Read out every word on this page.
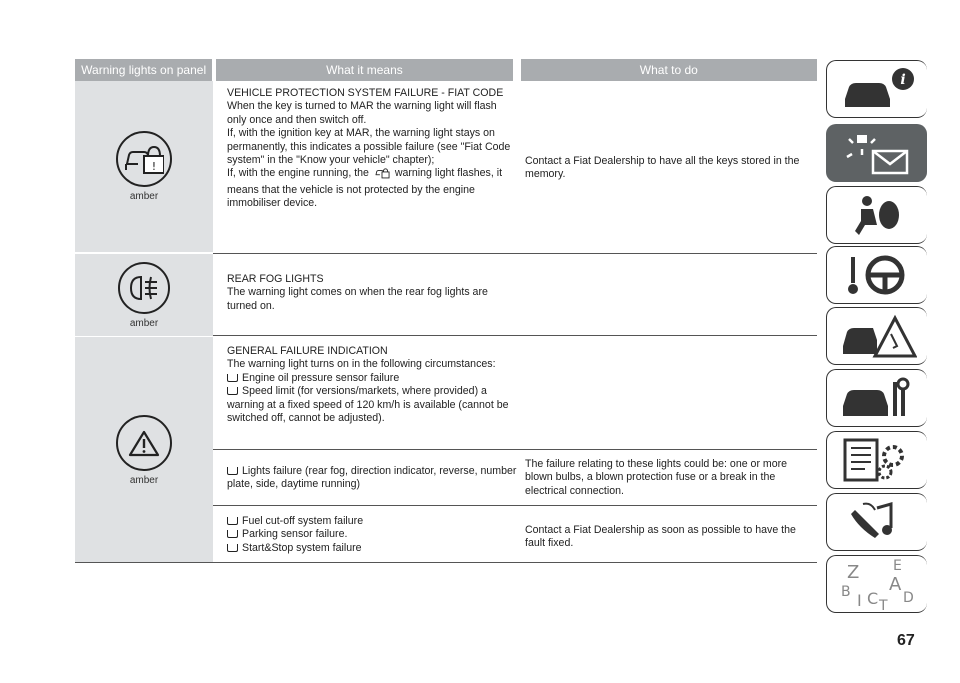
Warning lights on panel	What it means	What to do
!
amber

VEHICLE PROTECTION SYSTEM FAILURE - FIAT CODE

When the key is turned to MAR the warning light will flash only once and then switch off.

If, with the ignition key at MAR, the warning light stays on permanently, this indicates a possible failure (see "Fiat Code system" in the "Know your vehicle" chapter);

If, with the engine running, the warning light flashes, it means that the vehicle is not protected by the engine immobiliser device.

Contact a Fiat Dealership to have all the keys stored in the memory.
amber

REAR FOG LIGHTS

The warning light comes on when the rear fog lights are turned on.

amber

GENERAL FAILURE INDICATION

The warning light turns on in the following circumstances:

Engine oil pressure sensor failure

Speed limit (for versions/markets, where provided) a warning at a fixed speed of 120 km/h is available (cannot be switched off, cannot be adjusted).

Lights failure (rear fog, direction indicator, reverse, number plate, side, daytime running)

The failure relating to these lights could be: one or more blown bulbs, a blown protection fuse or a break in the electrical connection.

Fuel cut-off system failure

Parking sensor failure.

Start&Stop system failure

Contact a Fiat Dealership as soon as possible to have the fault fixed.
i
Z E
B A
I C D
T
67
